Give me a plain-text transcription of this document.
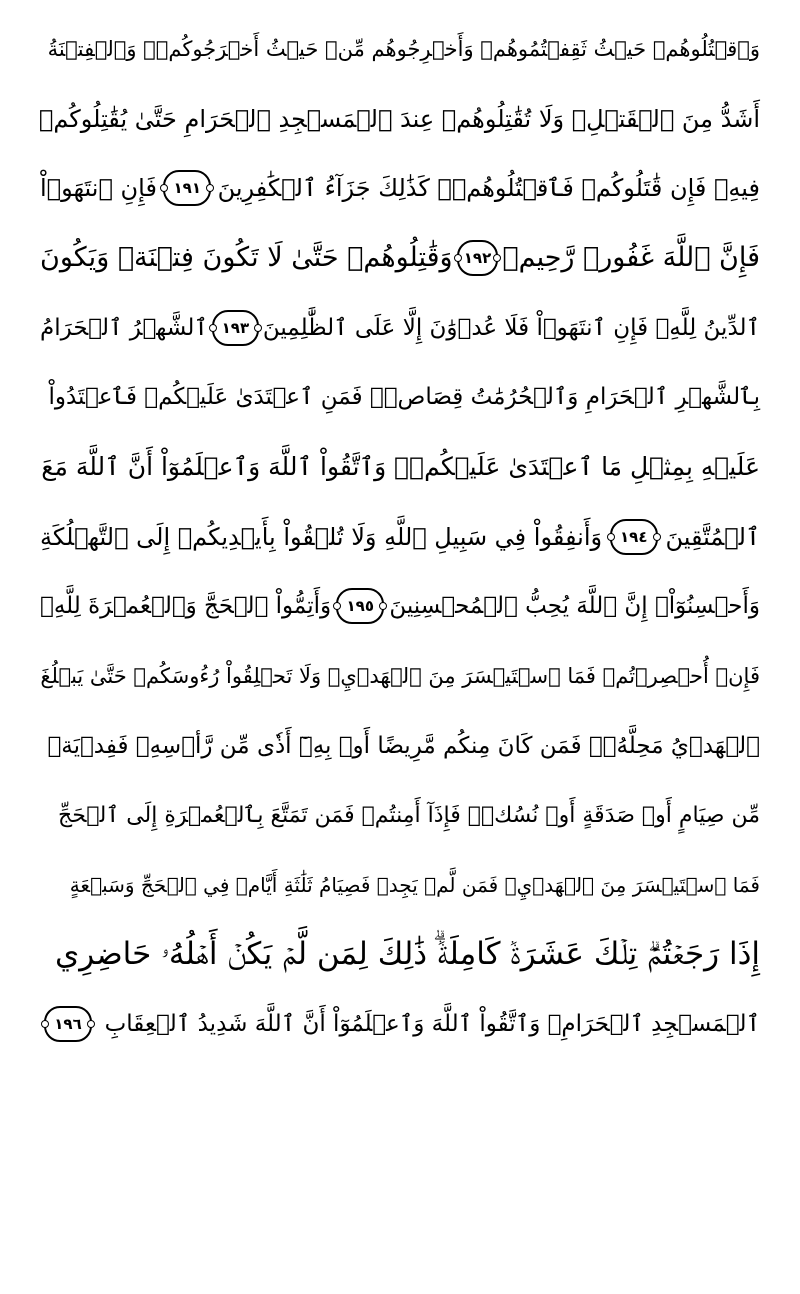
وَٱقۡتُلُوهُمۡ حَيۡثُ ثَقِفۡتُمُوهُمۡ وَأَخۡرِجُوهُم مِّنۡ حَيۡثُ أَخۡرَجُوكُمۡۚ وَٱلۡفِتۡنَةُ
أَشَدُّ مِنَ ٱلۡقَتۡلِۚ وَلَا تُقَٰتِلُوهُمۡ عِندَ ٱلۡمَسۡجِدِ ٱلۡحَرَامِ حَتَّىٰ يُقَٰتِلُوكُمۡ
فِيهِۖ فَإِن قَٰتَلُوكُمۡ فَٱقۡتُلُوهُمۡۗ كَذَٰلِكَ جَزَآءُ ٱلۡكَٰفِرِينَ
١٩١
فَإِنِ ٱنتَهَوۡاْ
فَإِنَّ ٱللَّهَ غَفُورٞ رَّحِيمٞ
١٩٢
وَقَٰتِلُوهُمۡ حَتَّىٰ لَا تَكُونَ فِتۡنَةٞ وَيَكُونَ
ٱلدِّينُ لِلَّهِۖ فَإِنِ ٱنتَهَوۡاْ فَلَا عُدۡوَٰنَ إِلَّا عَلَى ٱلظَّٰلِمِينَ
١٩٣
ٱلشَّهۡرُ ٱلۡحَرَامُ
بِٱلشَّهۡرِ ٱلۡحَرَامِ وَٱلۡحُرُمَٰتُ قِصَاصٞۚ فَمَنِ ٱعۡتَدَىٰ عَلَيۡكُمۡ فَٱعۡتَدُواْ
عَلَيۡهِ بِمِثۡلِ مَا ٱعۡتَدَىٰ عَلَيۡكُمۡۚ وَٱتَّقُواْ ٱللَّهَ وَٱعۡلَمُوٓاْ أَنَّ ٱللَّهَ مَعَ
ٱلۡمُتَّقِينَ
١٩٤
وَأَنفِقُواْ فِي سَبِيلِ ٱللَّهِ وَلَا تُلۡقُواْ بِأَيۡدِيكُمۡ إِلَى ٱلتَّهۡلُكَةِ
وَأَحۡسِنُوٓاْۚ إِنَّ ٱللَّهَ يُحِبُّ ٱلۡمُحۡسِنِينَ
١٩٥
وَأَتِمُّواْ ٱلۡحَجَّ وَٱلۡعُمۡرَةَ لِلَّهِۚ
فَإِنۡ أُحۡصِرۡتُمۡ فَمَا ٱسۡتَيۡسَرَ مِنَ ٱلۡهَدۡيِۖ وَلَا تَحۡلِقُواْ رُءُوسَكُمۡ حَتَّىٰ يَبۡلُغَ
ٱلۡهَدۡيُ مَحِلَّهُۥۚ فَمَن كَانَ مِنكُم مَّرِيضًا أَوۡ بِهِۦٓ أَذٗى مِّن رَّأۡسِهِۦ فَفِدۡيَةٞ
مِّن صِيَامٍ أَوۡ صَدَقَةٍ أَوۡ نُسُكٖۚ فَإِذَآ أَمِنتُمۡ فَمَن تَمَتَّعَ بِٱلۡعُمۡرَةِ إِلَى ٱلۡحَجِّ
فَمَا ٱسۡتَيۡسَرَ مِنَ ٱلۡهَدۡيِۚ فَمَن لَّمۡ يَجِدۡ فَصِيَامُ ثَلَٰثَةِ أَيَّامٖ فِي ٱلۡحَجِّ وَسَبۡعَةٍ
إِذَا رَجَعۡتُمۡۗ تِلۡكَ عَشَرَةٞ كَامِلَةٞۗ ذَٰلِكَ لِمَن لَّمۡ يَكُنۡ أَهۡلُهُۥ حَاضِرِي
ٱلۡمَسۡجِدِ ٱلۡحَرَامِۚ وَٱتَّقُواْ ٱللَّهَ وَٱعۡلَمُوٓاْ أَنَّ ٱللَّهَ شَدِيدُ ٱلۡعِقَابِ
١٩٦
